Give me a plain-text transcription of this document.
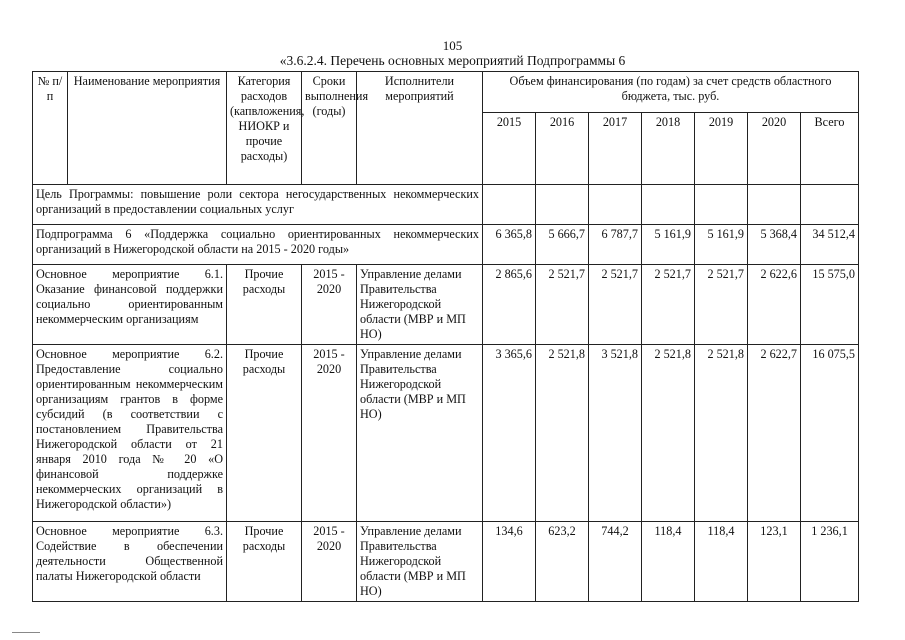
105
«3.6.2.4. Перечень основных мероприятий Подпрограммы 6
№ п/п	Наименование мероприятия	Категория расходов (капвложения, НИОКР и прочие расходы)	Сроки выполнения (годы)	Исполнители мероприятий	Объем финансирования (по годам) за счет средств областного бюджета, тыс. руб.						
					2015	2016	2017	2018	2019	2020	Всего
Цель Программы: повышение роли сектора негосударственных некоммерческих организаций в предоставлении социальных услуг											
Подпрограмма 6 «Поддержка социально ориентированных некоммерческих организаций в Нижегородской области на 2015 - 2020 годы»					6 365,8	5 666,7	6 787,7	5 161,9	5 161,9	5 368,4	34 512,4
Основное мероприятие 6.1. Оказание финансовой поддержки социально ориентированным некоммерческим организациям		Прочие расходы	2015 - 2020	Управление делами Правительства Нижегородской области (МВР и МП НО)	2 865,6	2 521,7	2 521,7	2 521,7	2 521,7	2 622,6	15 575,0
Основное мероприятие 6.2. Предоставление социально ориентированным некоммерческим организациям грантов в форме субсидий (в соответствии с постановлением Правительства Нижегородской области от 21 января 2010 года № 20 «О финансовой поддержке некоммерческих организаций в Нижегородской области»)		Прочие расходы	2015 - 2020	Управление делами Правительства Нижегородской области (МВР и МП НО)	3 365,6	2 521,8	3 521,8	2 521,8	2 521,8	2 622,7	16 075,5
Основное мероприятие 6.3. Содействие в обеспечении деятельности Общественной палаты Нижегородской области		Прочие расходы	2015 - 2020	Управление делами Правительства Нижегородской области (МВР и МП НО)	134,6	623,2	744,2	118,4	118,4	123,1	1 236,1
